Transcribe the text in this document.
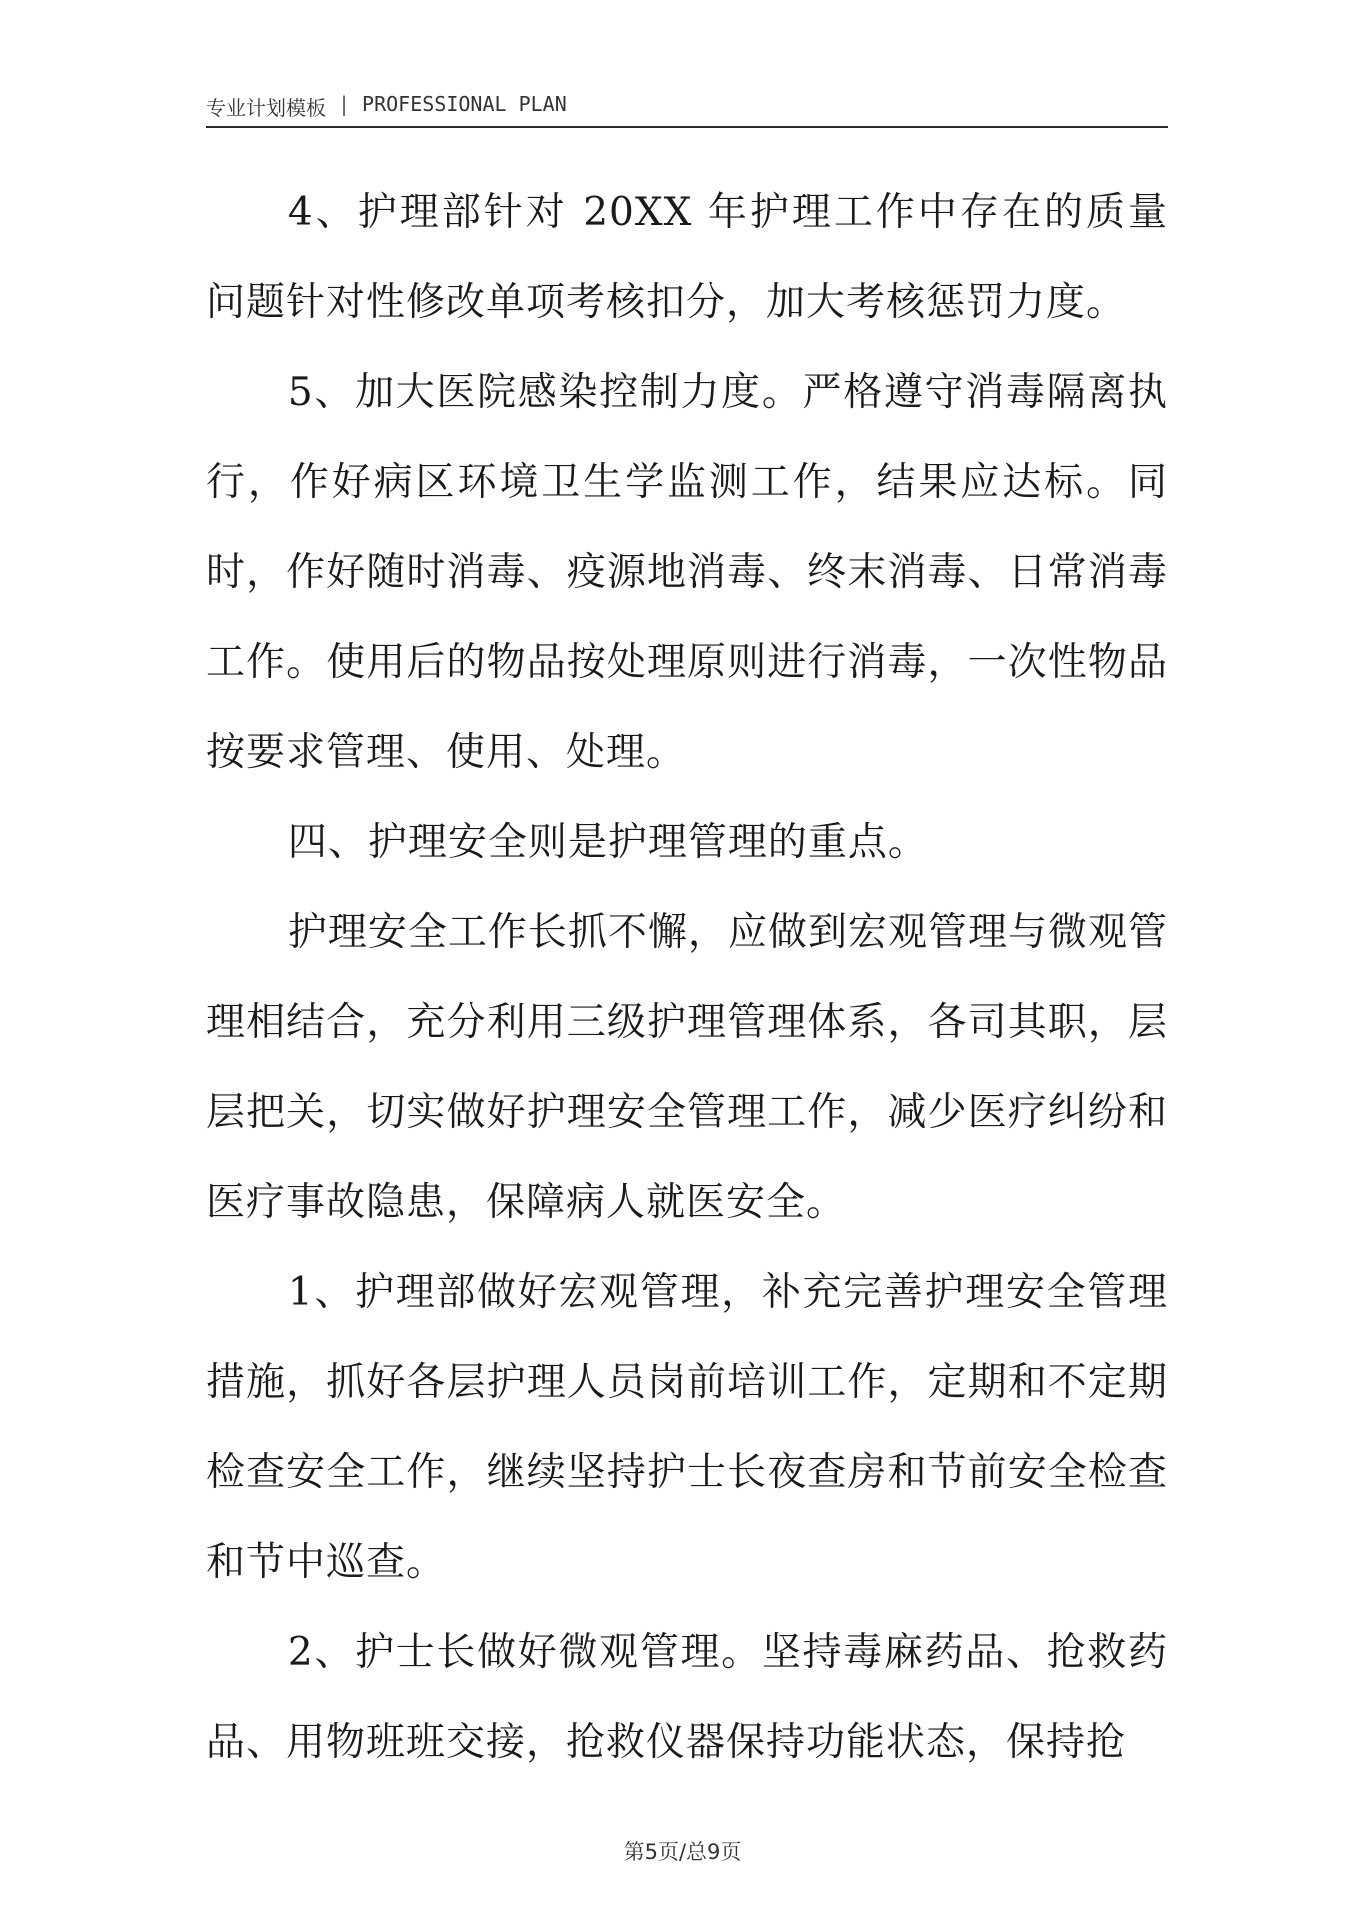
专业计划模板 | PROFESSIONAL PLAN

4、护理部针对 20XX 年护理工作中存在的质量问题针对性修改单项考核扣分，加大考核惩罚力度。

5、加大医院感染控制力度。严格遵守消毒隔离执行，作好病区环境卫生学监测工作，结果应达标。同时，作好随时消毒、疫源地消毒、终末消毒、日常消毒工作。使用后的物品按处理原则进行消毒，一次性物品按要求管理、使用、处理。

四、护理安全则是护理管理的重点。

护理安全工作长抓不懈，应做到宏观管理与微观管理相结合，充分利用三级护理管理体系，各司其职，层层把关，切实做好护理安全管理工作，减少医疗纠纷和医疗事故隐患，保障病人就医安全。

1、护理部做好宏观管理，补充完善护理安全管理措施，抓好各层护理人员岗前培训工作，定期和不定期检查安全工作，继续坚持护士长夜查房和节前安全检查和节中巡查。

2、护士长做好微观管理。坚持毒麻药品、抢救药品、用物班班交接，抢救仪器保持功能状态，保持抢

第5页/总9页
